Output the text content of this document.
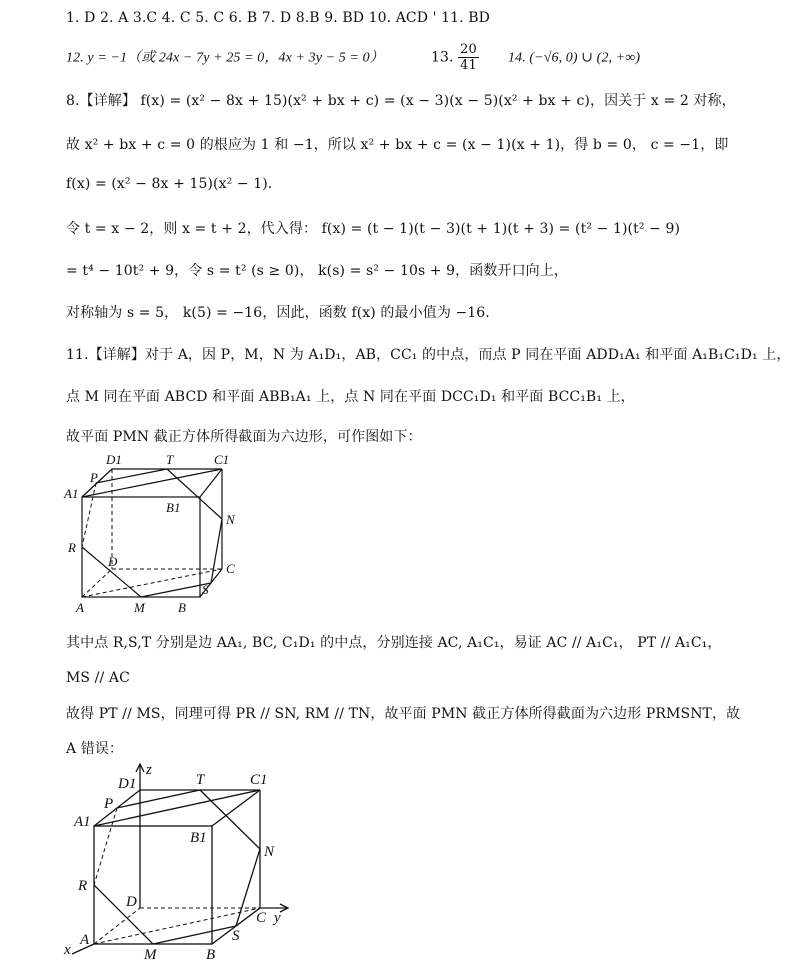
1. D 2. A 3.C 4. C 5. C 6. B 7. D 8.B 9. BD 10. ACD ' 11. BD
12. y = −1（或 24x − 7y + 25 = 0，4x + 3y − 5 = 0）	13. $\frac{20}{41} 14$. (−√6, 0) ∪ (2, +∞)
8.【详解】 f(x) = (x² − 8x + 15)(x² + bx + c) = (x − 3)(x − 5)(x² + bx + c)，因关于 x = 2 对称，
故 x² + bx + c = 0 的根应为 1 和 −1，所以 x² + bx + c = (x − 1)(x + 1)，得 b = 0， c = −1，即
f(x) = (x² − 8x + 15)(x² − 1).
令 t = x − 2，则 x = t + 2，代入得： f(x) = (t − 1)(t − 3)(t + 1)(t + 3) = (t² − 1)(t² − 9)
= t⁴ − 10t² + 9，令 s = t² (s ≥ 0)， k(s) = s² − 10s + 9，函数开口向上，
对称轴为 s = 5， k(5) = −16，因此，函数 f(x) 的最小值为 −16.
11.【详解】对于 A，因 P，M，N 为 A₁D₁，AB，CC₁ 的中点，而点 P 同在平面 ADD₁A₁ 和平面 A₁B₁C₁D₁ 上，
点 M 同在平面 ABCD 和平面 ABB₁A₁ 上，点 N 同在平面 DCC₁D₁ 和平面 BCC₁B₁ 上，
故平面 PMN 截正方体所得截面为六边形，可作图如下：
D1	T	C1
A1
P
B1
N
R
D	C
S
A	M	B
其中点 R,S,T 分别是边 AA₁, BC, C₁D₁ 的中点，分别连接 AC, A₁C₁，易证 AC // A₁C₁， PT // A₁C₁，
MS // AC
故得 PT // MS，同理可得 PR // SN, RM // TN，故平面 PMN 截正方体所得截面为六边形 PRMSNT，故
A 错误：
D1
z
T	C1
P
A1
B1
N
R
D
C y
S
x
A
M	B
